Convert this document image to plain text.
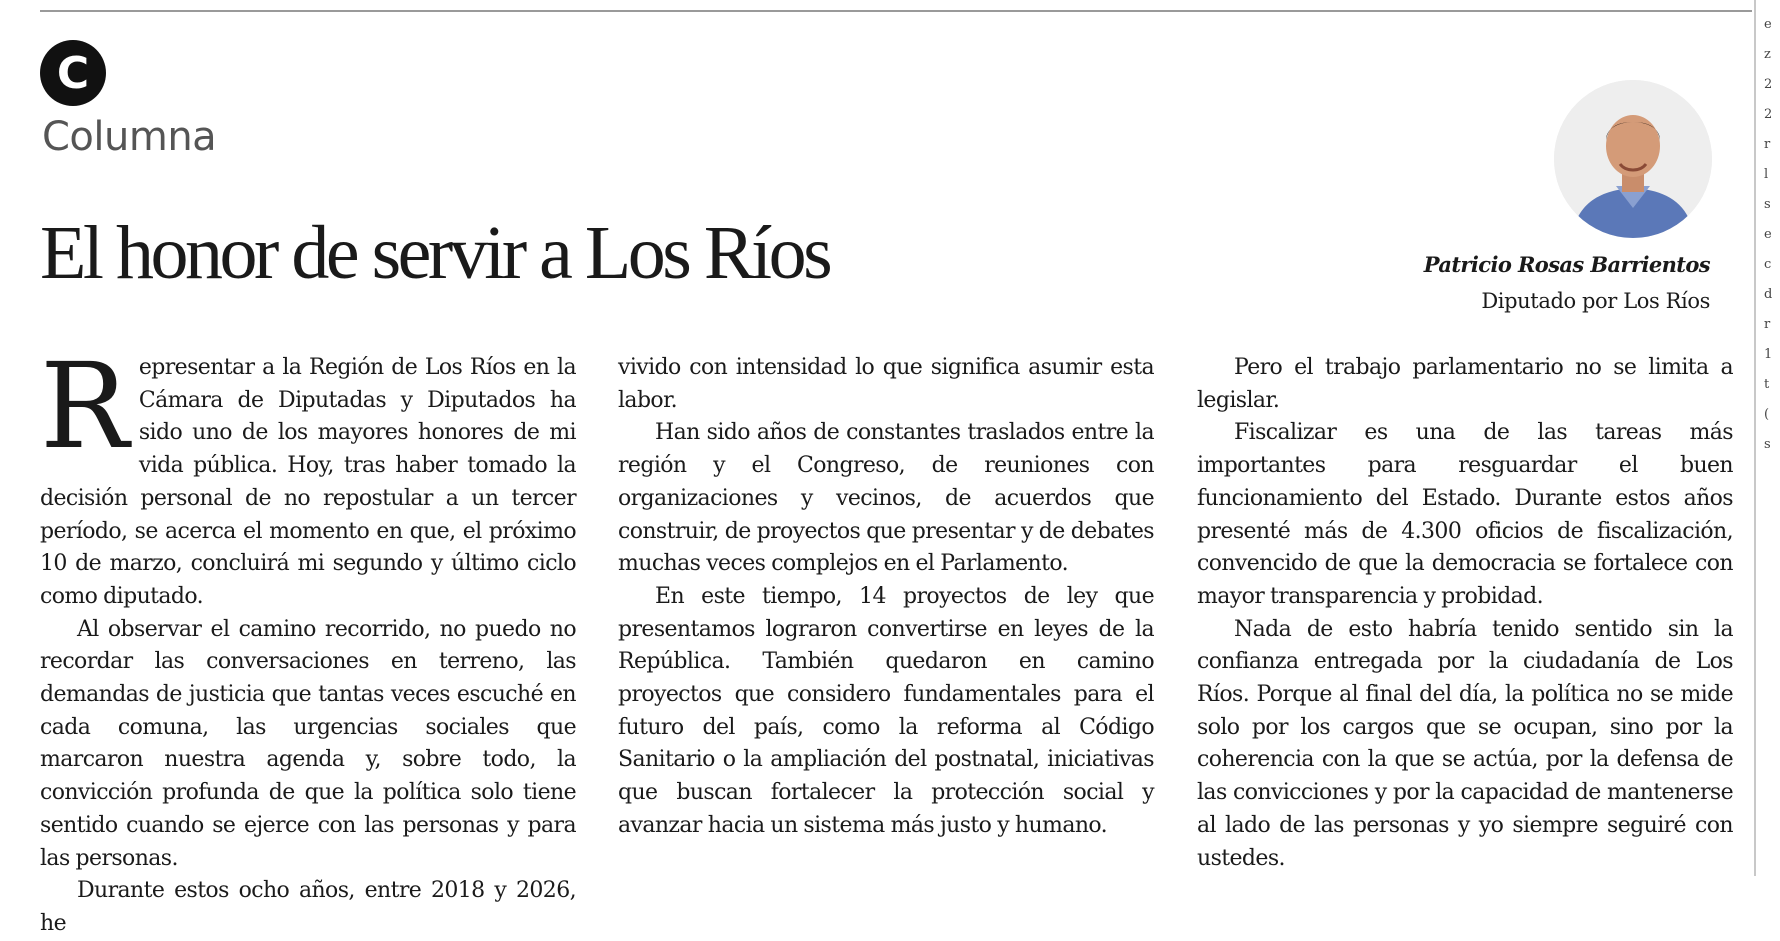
e
z
2
2
r
l
s
e
c
d
r
1
t
(
s
C
Columna
El honor de servir a Los Ríos	Patricio Rosas Barrientos
Diputado por Los Ríos

Representar a la Región de Los Ríos en la Cámara de Diputadas y Diputados ha sido uno de los mayores honores de mi vida pública. Hoy, tras haber tomado la decisión personal de no repostular a un tercer período, se acerca el momento en que, el próximo 10 de marzo, concluirá mi segundo y último ciclo como diputado.

Al observar el camino recorrido, no puedo no recordar las conversaciones en terreno, las demandas de justicia que tantas veces escuché en cada comuna, las urgencias sociales que marcaron nuestra agenda y, sobre todo, la convicción profunda de que la política solo tiene sentido cuando se ejerce con las personas y para las personas.

Durante estos ocho años, entre 2018 y 2026, he

vivido con intensidad lo que significa asumir esta labor.

Han sido años de constantes traslados entre la región y el Congreso, de reuniones con organizaciones y vecinos, de acuerdos que construir, de proyectos que presentar y de debates muchas veces complejos en el Parlamento.

En este tiempo, 14 proyectos de ley que presentamos lograron convertirse en leyes de la República. También quedaron en camino proyectos que considero fundamentales para el futuro del país, como la reforma al Código Sanitario o la ampliación del postnatal, iniciativas que buscan fortalecer la protección social y avanzar hacia un sistema más justo y humano.

Pero el trabajo parlamentario no se limita a legislar.

Fiscalizar es una de las tareas más importantes para resguardar el buen funcionamiento del Estado. Durante estos años presenté más de 4.300 oficios de fiscalización, convencido de que la democracia se fortalece con mayor transparencia y probidad.

Nada de esto habría tenido sentido sin la confianza entregada por la ciudadanía de Los Ríos. Porque al final del día, la política no se mide solo por los cargos que se ocupan, sino por la coherencia con la que se actúa, por la defensa de las convicciones y por la capacidad de mantenerse al lado de las personas y yo siempre seguiré con ustedes.
